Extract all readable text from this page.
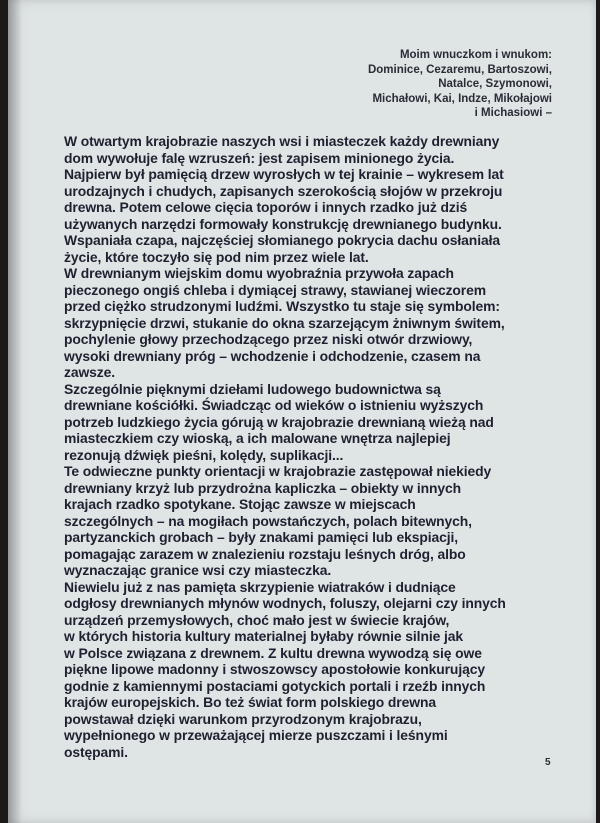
Moim wnuczkom i wnukom:
Dominice, Cezaremu, Bartoszowi,
Natalce, Szymonowi,
Michałowi, Kai, Indze, Mikołajowi
i Michasiowi –
W otwartym krajobrazie naszych wsi i miasteczek każdy drewniany
dom wywołuje falę wzruszeń: jest zapisem minionego życia.
Najpierw był pamięcią drzew wyrosłych w tej krainie – wykresem lat
urodzajnych i chudych, zapisanych szerokością słojów w przekroju
drewna. Potem celowe cięcia toporów i innych rzadko już dziś
używanych narzędzi formowały konstrukcję drewnianego budynku.
Wspaniała czapa, najczęściej słomianego pokrycia dachu osłaniała
życie, które toczyło się pod nim przez wiele lat.
W drewnianym wiejskim domu wyobraźnia przywoła zapach
pieczonego ongiś chleba i dymiącej strawy, stawianej wieczorem
przed ciężko strudzonymi ludźmi. Wszystko tu staje się symbolem:
skrzypnięcie drzwi, stukanie do okna szarzejącym żniwnym świtem,
pochylenie głowy przechodzącego przez niski otwór drzwiowy,
wysoki drewniany próg – wchodzenie i odchodzenie, czasem na
zawsze.
Szczególnie pięknymi dziełami ludowego budownictwa są
drewniane kościółki. Świadcząc od wieków o istnieniu wyższych
potrzeb ludzkiego życia górują w krajobrazie drewnianą wieżą nad
miasteczkiem czy wioską, a ich malowane wnętrza najlepiej
rezonują dźwięk pieśni, kolędy, suplikacji...
Te odwieczne punkty orientacji w krajobrazie zastępował niekiedy
drewniany krzyż lub przydrożna kapliczka – obiekty w innych
krajach rzadko spotykane. Stojąc zawsze w miejscach
szczególnych – na mogiłach powstańczych, polach bitewnych,
partyzanckich grobach – były znakami pamięci lub ekspiacji,
pomagając zarazem w znalezieniu rozstaju leśnych dróg, albo
wyznaczając granice wsi czy miasteczka.
Niewielu już z nas pamięta skrzypienie wiatraków i dudniące
odgłosy drewnianych młynów wodnych, foluszy, olejarni czy innych
urządzeń przemysłowych, choć mało jest w świecie krajów,
w których historia kultury materialnej byłaby równie silnie jak
w Polsce związana z drewnem. Z kultu drewna wywodzą się owe
piękne lipowe madonny i stwoszowscy apostołowie konkurujący
godnie z kamiennymi postaciami gotyckich portali i rzeźb innych
krajów europejskich. Bo też świat form polskiego drewna
powstawał dzięki warunkom przyrodzonym krajobrazu,
wypełnionego w przeważającej mierze puszczami i leśnymi
ostępami.
5
